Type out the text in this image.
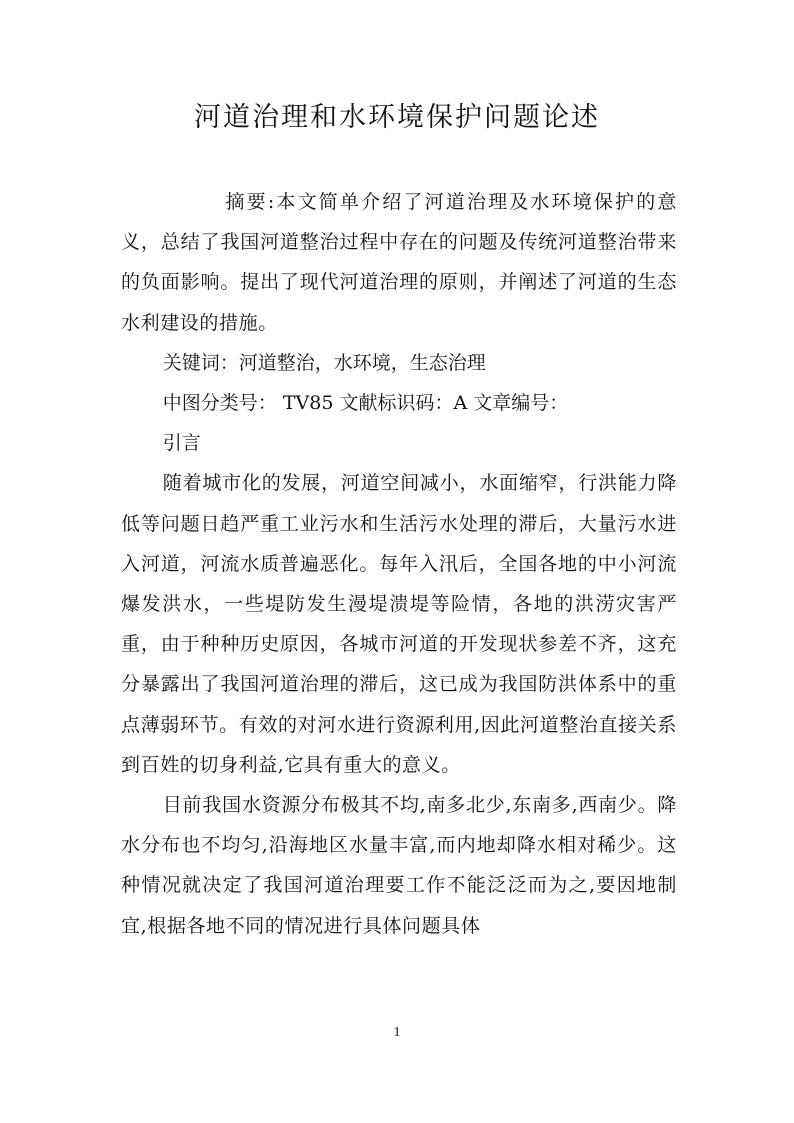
河道治理和水环境保护问题论述

摘要:本文简单介绍了河道治理及水环境保护的意义，总结了我国河道整治过程中存在的问题及传统河道整治带来的负面影响。提出了现代河道治理的原则，并阐述了河道的生态水利建设的措施。

关键词：河道整治，水环境，生态治理

中图分类号： TV85 文献标识码：A 文章编号：

引言

随着城市化的发展，河道空间减小，水面缩窄，行洪能力降低等问题日趋严重工业污水和生活污水处理的滞后，大量污水进入河道，河流水质普遍恶化。每年入汛后，全国各地的中小河流爆发洪水，一些堤防发生漫堤溃堤等险情，各地的洪涝灾害严重，由于种种历史原因，各城市河道的开发现状参差不齐，这充分暴露出了我国河道治理的滞后，这已成为我国防洪体系中的重点薄弱环节。有效的对河水进行资源利用,因此河道整治直接关系到百姓的切身利益,它具有重大的意义。

目前我国水资源分布极其不均,南多北少,东南多,西南少。降水分布也不均匀,沿海地区水量丰富,而内地却降水相对稀少。这种情况就决定了我国河道治理要工作不能泛泛而为之,要因地制宜,根据各地不同的情况进行具体问题具体

1
